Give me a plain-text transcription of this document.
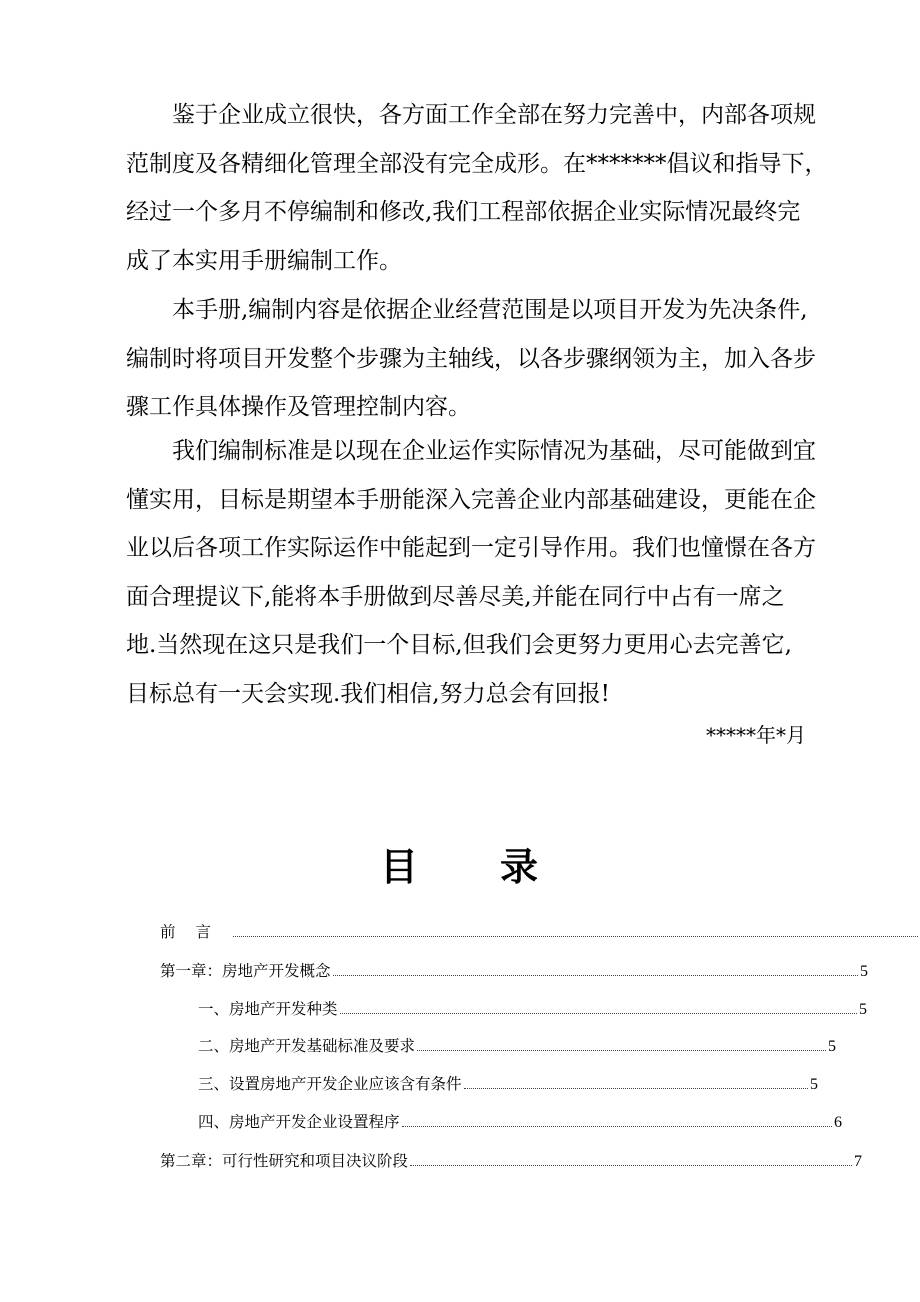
鉴于企业成立很快，各方面工作全部在努力完善中，内部各项规
范制度及各精细化管理全部没有完全成形。在*******倡议和指导下，
经过一个多月不停编制和修改,我们工程部依据企业实际情况最终完
成了本实用手册编制工作。
本手册,编制内容是依据企业经营范围是以项目开发为先决条件,
编制时将项目开发整个步骤为主轴线，以各步骤纲领为主，加入各步
骤工作具体操作及管理控制内容。
我们编制标准是以现在企业运作实际情况为基础，尽可能做到宜
懂实用，目标是期望本手册能深入完善企业内部基础建设，更能在企
业以后各项工作实际运作中能起到一定引导作用。我们也憧憬在各方
面合理提议下,能将本手册做到尽善尽美,并能在同行中占有一席之
地.当然现在这只是我们一个目标,但我们会更努力更用心去完善它,
目标总有一天会实现.我们相信,努力总会有回报!
*****年*月
目录
前言
第一章：房地产开发概念	5
一、房地产开发种类	5
二、房地产开发基础标准及要求	5
三、设置房地产开发企业应该含有条件	5
四、房地产开发企业设置程序	6
第二章：可行性研究和项目决议阶段	7
